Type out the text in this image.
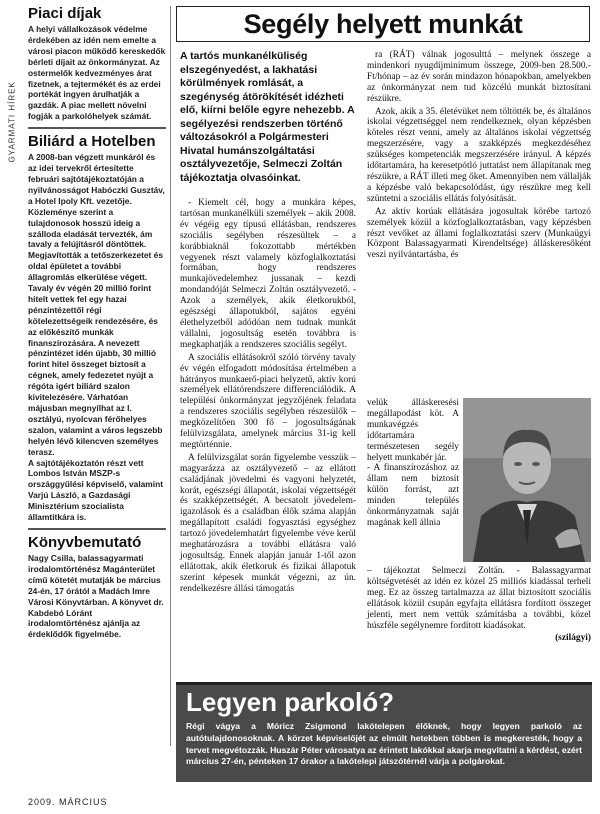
GYARMATI HÍREK
Piaci díjak

A helyi vállalkozások védelme érdekében az idén nem emelte a városi piacon működő kereskedők bérleti díjait az önkormányzat. Az ostermelők kedvezményes árat fizetnek, a tejtermékét és az erdei portékát ingyen árulhatják a gazdák. A piac mellett növelni fogják a parkolóhelyek számát.

Biliárd a Hotelben

A 2008-ban végzett munkáról és az idei tervekről értesítette februári sajtótájékoztatóján a nyilvánosságot Habóczki Gusztáv, a Hotel Ipoly Kft. vezetője.

Közleménye szerint a tulajdonosok hosszú ideig a szálloda eladását tervezték, ám tavaly a felújításról döntöttek. Megjavították a tetőszerkezetet és oldal épületet a további állagromlás elkerülése végett. Tavaly év végén 20 millió forint hitelt vettek fel egy hazai pénzintézettől régi kötelezettségeik rendezésére, és az előkészítő munkák finanszírozására. A nevezett pénzintézet idén újabb, 30 millió forint hitel összeget biztosít a cégnek, amely fedezetet nyújt a régóta igért biliárd szalon kivitelezésére. Várhatóan májusban megnyílhat az I. osztályú, nyolcvan férőhelyes szalon, valamint a város legszebb helyén lévő kilencven személyes terasz.

A sajtótájékoztatón részt vett Lombos István MSZP-s országgyűlési képviselő, valamint Varjú László, a Gazdasági Minisztérium szocialista államtitkára is.

Könyvbemutató

Nagy Csilla, balassagyarmati irodalomtörténész Magánterület című kötetét mutatják be március 24-én, 17 órától a Madách Imre Városi Könyvtárban. A könyvet dr. Kabdebó Lóránt irodalomtörténész ajánlja az érdeklődők figyelmébe.

Segély helyett munkát

A tartós munkanélküliség elszegényedést, a lakhatási körülmények romlását, a szegénység átörökítését idézheti elő, kiírni belőle egyre nehezebb. A segélyezési rendszerben történő változásokról a Polgármesteri Hivatal humánszolgáltatási osztályvezetője, Selmeczi Zoltán tájékoztatja olvasóinkat.

- Kiemelt cél, hogy a munkára képes, tartósan munkanélküli személyek – akik 2008. év végéig egy típusú ellátásban, rendszeres szociális segélyben részesültek – a korábbiaknál fokozottabb mértékben vegyenek részt valamely közfoglalkoztatási formában, hogy rendszeres munkajövedelemhez jussanak – kezdi mondandóját Selmeczi Zoltán osztályvezető. - Azok a személyek, akik életkorukból, egészségi állapotukból, sajátos egyéni élethelyzetből adódóan nem tudnak munkát vállalni, jogosultság esetén továbbra is megkaphatják a rendszeres szociális segélyt.

A szociális ellátásokról szóló törvény tavaly év végén elfogadott módosítása értelmében a hátrányos munkaerő-piaci helyzetű, aktív korú személyek ellátórendszere differenciálódik. A települési önkormányzat jegyzőjének feladata a rendszeres szociális segélyben részesülők – megközelítően 300 fő – jogosultságának felülvizsgálata, amelynek március 31-ig kell megtörténnie.

A felülvizsgálat során figyelembe vesszük – magyarázza az osztályvezető – az ellátott családjának jövedelmi és vagyoni helyzetét, korát, egészségi állapotát, iskolai végzettségét és szakképzettségét. A becsatolt jövedelem-igazolások és a családban élők száma alapján megállapított családi fogyasztási egységhez tartozó jövedelemhatárt figyelembe véve kerül meghatározásra a további ellátásra való jogosultság. Ennek alapján január 1-től azon ellátottak, akik életkoruk és fizikai állapotuk szerint képesek munkát végezni, az ún. rendelkezésre állási támogatás

ra (RÁT) válnak jogosulttá – melynek összege a mindenkori nyugdíjminimum összege, 2009-ben 28.500.-Ft/hónap – az év során mindazon hónapokban, amelyekben az önkormányzat nem tud közcélú munkát biztosítani részükre.

Azok, akik a 35. életévüket nem töltötték be, és általános iskolai végzettséggel nem rendelkeznek, olyan képzésben köteles részt venni, amely az általános iskolai végzettség megszerzésére, vagy a szakképzés megkezdéséhez szükséges kompetenciák megszerzésére irányul. A képzés időtartamára, ha keresetpótló juttatást nem állapítanak meg részükre, a RÁT illeti meg őket. Amennyiben nem vállalják a képzésbe való bekapcsolódást, úgy részükre meg kell szüntetni a szociális ellátás folyósítását.

Az aktív korúak ellátására jogosultak körébe tartozó személyek közül a közfoglalkoztatásban, vagy képzésben részt vevőket az állami foglalkoztatási szerv (Munkaügyi Központ Balassagyarmati Kirendeltsége) álláskeresőként veszi nyilvántartásba, és

velük álláskeresési megállapodást köt. A munkavégzés időtartamára természetesen segély helyett munkabér jár.
- A finanszírozáshoz az állam nem biztosít külön forrást, azt minden település önkormányzatnak saját magának kell állnia

– tájékoztat Selmeczi Zoltán. - Balassagyarmat költségvetését az idén ez közel 25 milliós kiadással terheli meg. Ez az összeg tartalmazza az állat biztosított szociális ellátások közül csupán egyfajta ellátásra fordított összeget jelenti, mert nem vettük számításba a további, közel húszféle segélynemre fordított kiadásokat.

(szilágyi)
Legyen parkoló?

Régi vágya a Móricz Zsigmond lakótelepen élőknek, hogy legyen parkoló az autótulajdonosoknak. A körzet képviselőjét az elmúlt hetekben többen is megkeresték, hogy a tervet megvétozzák. Huszár Péter városatya az érintett lakókkal akarja megvitatni a kérdést, ezért március 27-én, pénteken 17 órakor a lakótelepi játszótérnél várja a polgárokat.

2009. MÁRCIUS
